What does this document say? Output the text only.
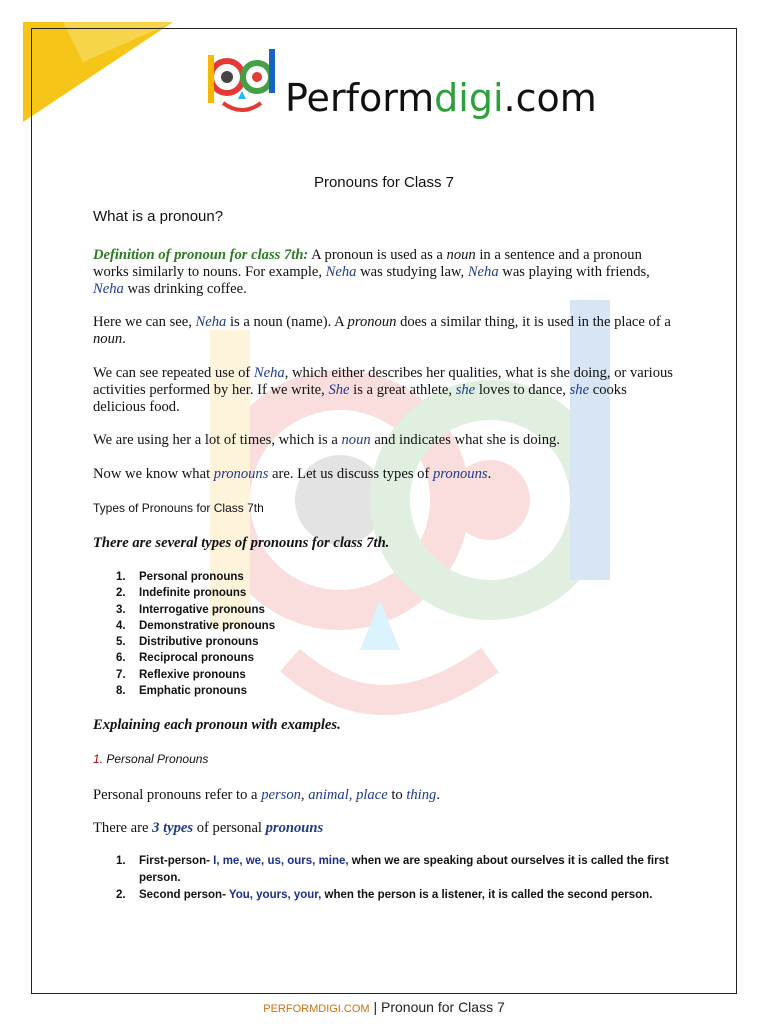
Performdigi.com
Pronouns for Class 7
What is a pronoun?

Definition of pronoun for class 7th: A pronoun is used as a noun in a sentence and a pronoun works similarly to nouns. For example, Neha was studying law, Neha was playing with friends, Neha was drinking coffee.

Here we can see, Neha is a noun (name). A pronoun does a similar thing, it is used in the place of a noun.

We can see repeated use of Neha, which either describes her qualities, what is she doing, or various activities performed by her. If we write, She is a great athlete, she loves to dance, she cooks delicious food.

We are using her a lot of times, which is a noun and indicates what she is doing.

Now we know what pronouns are. Let us discuss types of pronouns.

Types of Pronouns for Class 7th
There are several types of pronouns for class 7th.
1. Personal pronouns
2. Indefinite pronouns
3. Interrogative pronouns
4. Demonstrative pronouns
5. Distributive pronouns
6. Reciprocal pronouns
7. Reflexive pronouns
8. Emphatic pronouns
Explaining each pronoun with examples.
1. Personal Pronouns

Personal pronouns refer to a person, animal, place to thing.

There are 3 types of personal pronouns

1.	First-person- I, me, we, us, ours, mine, when we are speaking about ourselves it is called the first person.
2.	Second person- You, yours, your, when the person is a listener, it is called the second person.
PERFORMDIGI.COM | Pronoun for Class 7
